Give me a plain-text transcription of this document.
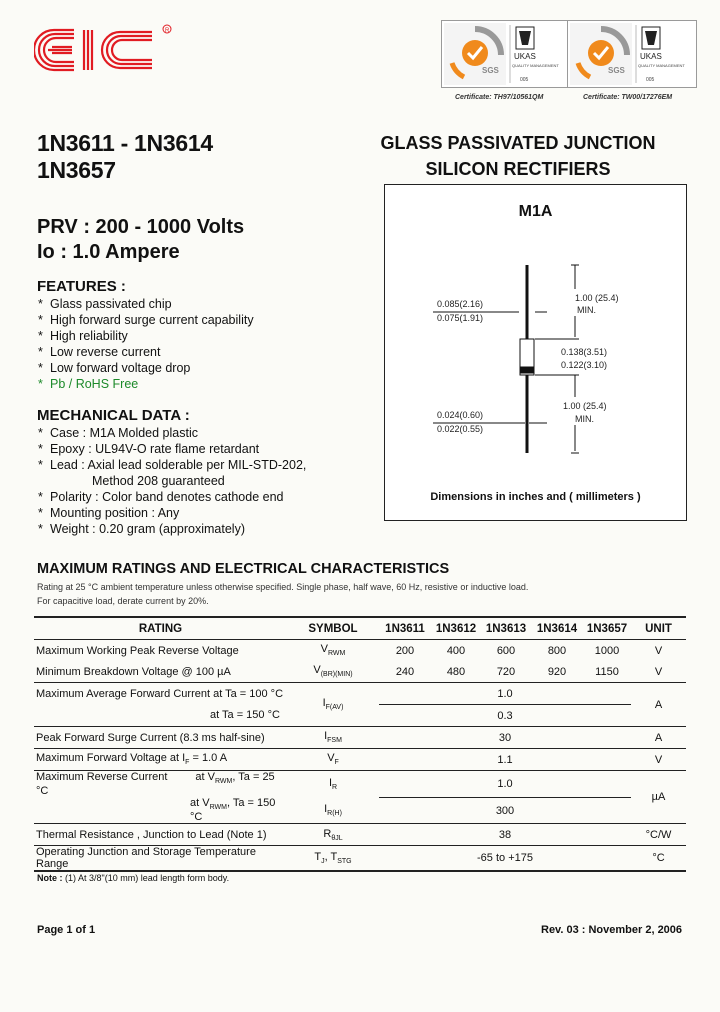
R
SGS
UKAS
QUALITY MANAGEMENT
005
SGS
UKAS
QUALITY MANAGEMENT
005
Certificate: TH97/10561QM	Certificate: TW00/17276EM
1N3611 - 1N3614
1N3657
GLASS PASSIVATED JUNCTION
SILICON RECTIFIERS
PRV : 200 - 1000 Volts
Io : 1.0 Ampere
FEATURES :
* Glass passivated chip
* High forward surge current capability
* High reliability
* Low reverse current
* Low forward voltage drop
* Pb / RoHS Free
MECHANICAL DATA :
* Case : M1A Molded plastic
* Epoxy : UL94V-O rate flame retardant
* Lead : Axial lead solderable per MIL-STD-202,
Method 208 guaranteed
* Polarity : Color band denotes cathode end
* Mounting position : Any
* Weight : 0.20 gram (approximately)
M1A
1.00 (25.4)
MIN.
0.085(2.16)
0.075(1.91)
0.138(3.51)
0.122(3.10)
0.024(0.60)
0.022(0.55)
1.00 (25.4)
MIN.
Dimensions in inches and ( millimeters )
MAXIMUM RATINGS AND ELECTRICAL CHARACTERISTICS
Rating at 25 °C ambient temperature unless otherwise specified. Single phase, half wave, 60 Hz, resistive or inductive load.
For capacitive load, derate current by 20%.
RATING	SYMBOL	1N3611	1N3612	1N3613	1N3614	1N3657	UNIT
Maximum Working Peak Reverse Voltage	$V_{RWM}$	200	400	600	800	1000	V
Minimum Breakdown Voltage @ 100 µA	$V_{(BR)(MIN)}$	240	480	720	920	1150	V
Maximum Average Forward Current at Ta = 100 °C	$I_{F(AV)}$	1.0					A
at Ta = 150 °C		0.3					
Peak Forward Surge Current (8.3 ms half-sine)	$I_{FSM}$	30					A
Maximum Forward Voltage at $I_F = 1.0$ A	$V_F$	1.1					V
Maximum Reverse Current at $V_{RWM}$, Ta = 25 °C	$I_R$	1.0					µA
at $V_{RWM}$, Ta = 150 °C	$I_{R(H)}$	300					
Thermal Resistance , Junction to Lead (Note 1)	$R_{\theta JL}$	38					°C/W
Operating Junction and Storage Temperature Range	$T_J$, $T_{STG}$	-65 to +175					°C
Note : (1) At 3/8"(10 mm) lead length form body.
Page 1 of 1	Rev. 03 : November 2, 2006
